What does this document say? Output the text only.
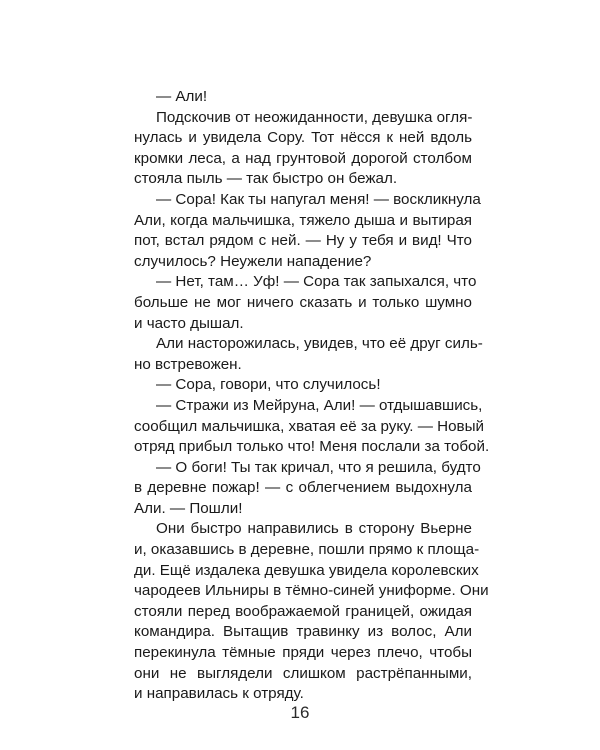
— Али!
Подскочив от неожиданности, девушка огля-
нулась и увидела Сору. Тот нёсся к ней вдоль
кромки леса, а над грунтовой дорогой столбом
стояла пыль — так быстро он бежал.
— Сора! Как ты напугал меня! — воскликнула
Али, когда мальчишка, тяжело дыша и вытирая
пот, встал рядом с ней. — Ну у тебя и вид! Что
случилось? Неужели нападение?
— Нет, там… Уф! — Сора так запыхался, что
больше не мог ничего сказать и только шумно
и часто дышал.
Али насторожилась, увидев, что её друг силь-
но встревожен.
— Сора, говори, что случилось!
— Стражи из Мейруна, Али! — отдышавшись,
сообщил мальчишка, хватая её за руку. — Новый
отряд прибыл только что! Меня послали за тобой.
— О боги! Ты так кричал, что я решила, будто
в деревне пожар! — с облегчением выдохнула
Али. — Пошли!
Они быстро направились в сторону Вьерне
и, оказавшись в деревне, пошли прямо к площа-
ди. Ещё издалека девушка увидела королевских
чародеев Ильниры в тёмно-синей униформе. Они
стояли перед воображаемой границей, ожидая
командира. Вытащив травинку из волос, Али
перекинула тёмные пряди через плечо, чтобы
они не выглядели слишком растрёпанными,
и направилась к отряду.
16
